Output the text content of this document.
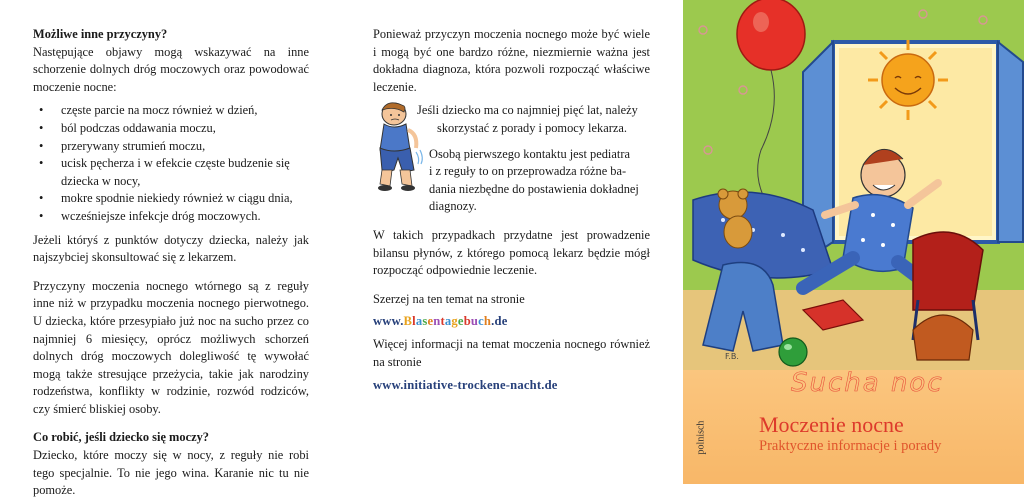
Możliwe inne przyczyny?

Następujące objawy mogą wskazywać na inne schorzenie dolnych dróg moczowych oraz powodować moczenie nocne:

• częste parcie na mocz również w dzień,
• ból podczas oddawania moczu,
• przerywany strumień moczu,
• ucisk pęcherza i w efekcie częste budzenie się dziecka w nocy,
• mokre spodnie niekiedy również w ciągu dnia,
• wcześniejsze infekcje dróg moczowych.

Jeżeli któryś z punktów dotyczy dziecka, należy jak najszybciej skonsultować się z lekarzem.

Przyczyny moczenia nocnego wtórnego są z reguły inne niż w przypadku moczenia nocnego pierwotnego. U dziecka, które przesypiało już noc na sucho przez co najmniej 6 miesięcy, oprócz możliwych schorzeń dolnych dróg moczowych dolegliwość tę wywołać mogą także stresujące przeżycia, takie jak narodziny rodzeństwa, konflikty w rodzinie, rozwód rodziców, czy śmierć bliskiej osoby.

Co robić, jeśli dziecko się moczy?

Dziecko, które moczy się w nocy, z reguły nie robi tego specjalnie. To nie jego wina. Karanie nic tu nie pomoże.

Ponieważ przyczyn moczenia nocnego może być wiele i mogą być one bardzo różne, niezmiernie ważna jest dokładna diagnoza, która pozwoli rozpocząć właściwe leczenie.

Jeśli dziecko ma co najmniej pięć lat, należy

skorzystać z porady i pomocy lekarza.

Osobą pierwszego kontaktu jest pediatra

i z reguły to on przeprowadza różne ba-

dania niezbędne do postawienia dokładnej

diagnozy.

W takich przypadkach przydatne jest prowadzenie bilansu płynów, z którego pomocą lekarz będzie mógł rozpocząć odpowiednie leczenie.

Szerzej na ten temat na stronie

www.Blasentagebuch.de

Więcej informacji na temat moczenia nocnego również na stronie

www.initiative-trockene-nacht.de

F.B.
Sucha noc
Moczenie nocne
Praktyczne informacje i porady
polnisch
